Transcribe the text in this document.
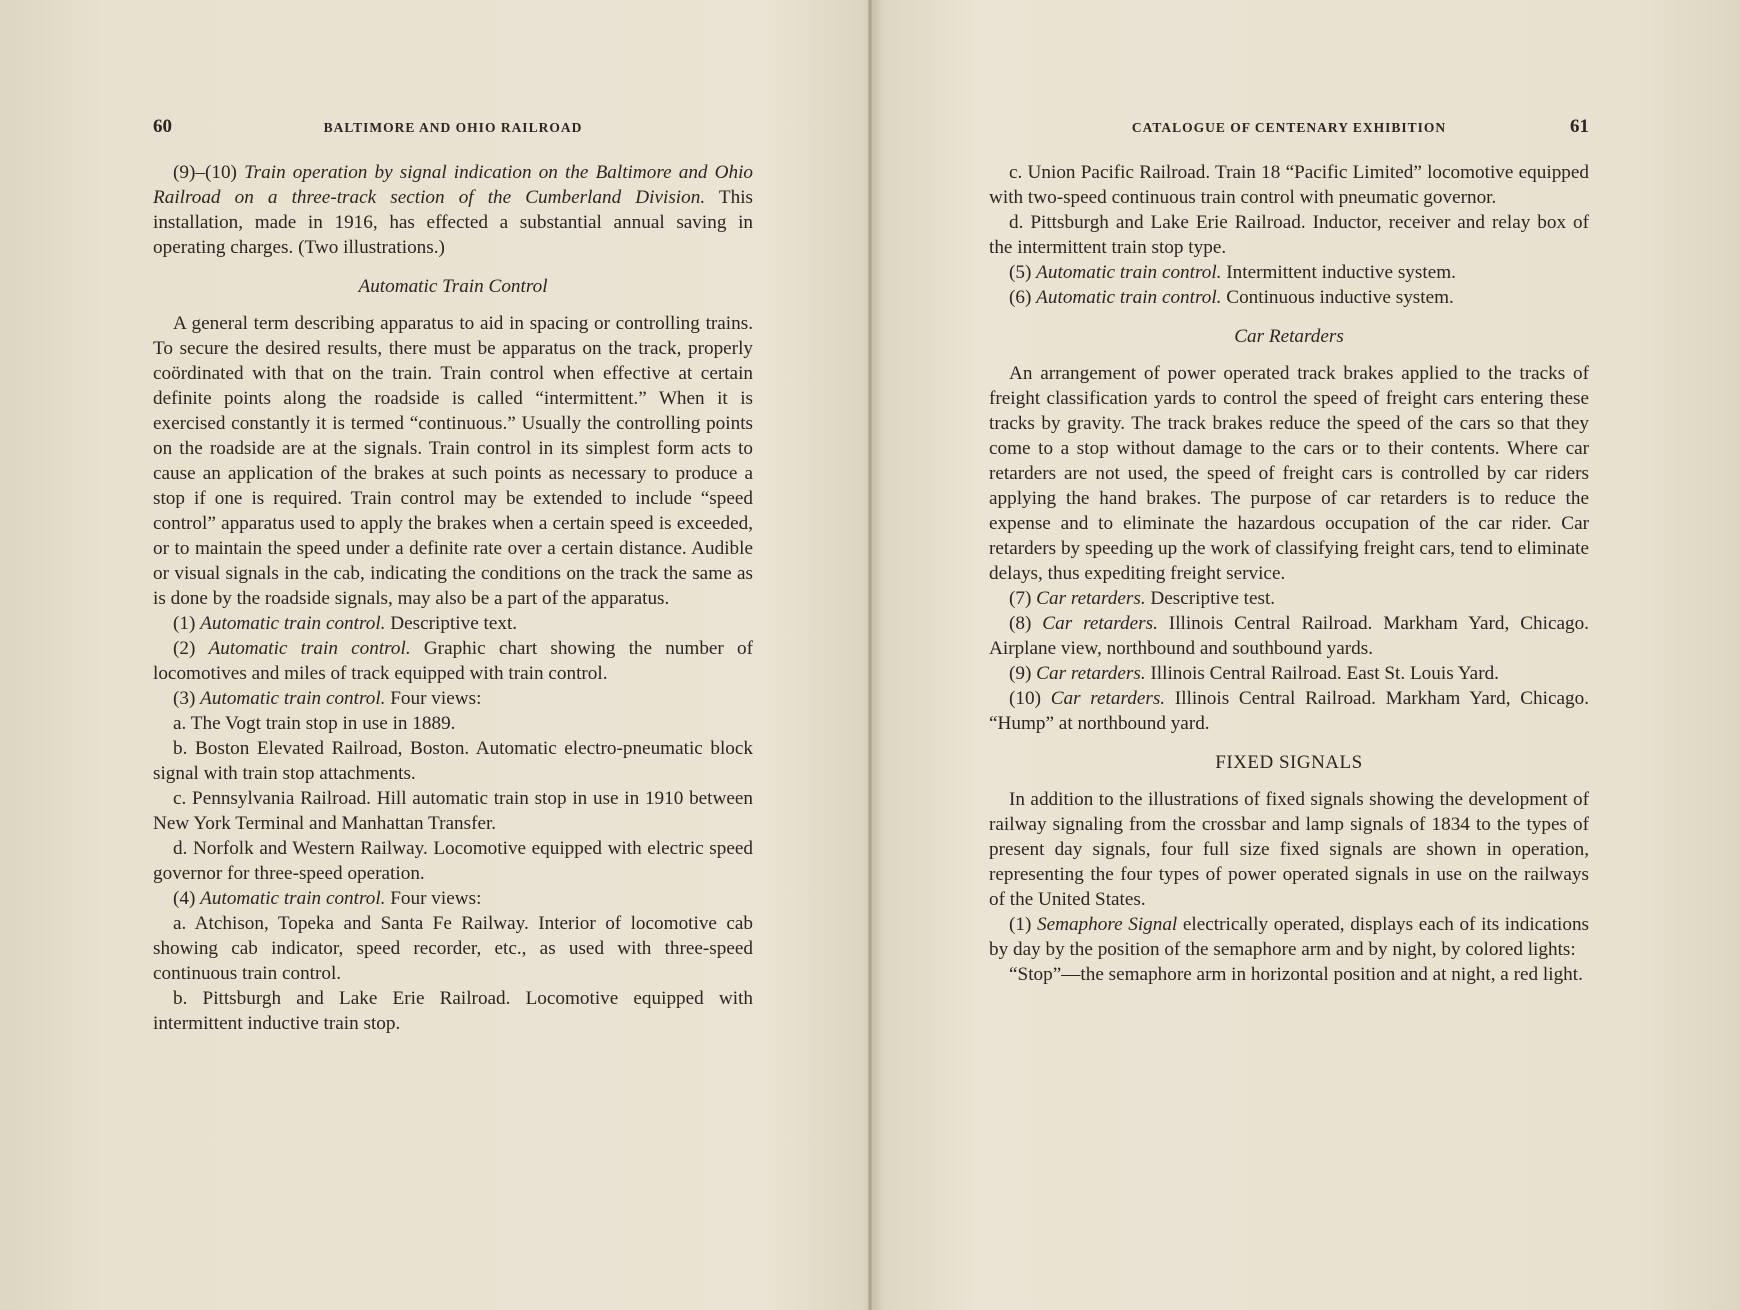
60	BALTIMORE AND OHIO RAILROAD

(9)–(10) Train operation by signal indication on the Baltimore and Ohio Railroad on a three-track section of the Cumberland Division. This installation, made in 1916, has effected a substantial annual saving in operating charges. (Two illustrations.)

Automatic Train Control

A general term describing apparatus to aid in spacing or controlling trains. To secure the desired results, there must be apparatus on the track, properly coördinated with that on the train. Train control when effective at certain definite points along the roadside is called “intermittent.” When it is exercised constantly it is termed “continuous.” Usually the controlling points on the roadside are at the signals. Train control in its simplest form acts to cause an application of the brakes at such points as necessary to produce a stop if one is required. Train control may be extended to include “speed control” apparatus used to apply the brakes when a certain speed is exceeded, or to maintain the speed under a definite rate over a certain distance. Audible or visual signals in the cab, indicating the conditions on the track the same as is done by the roadside signals, may also be a part of the apparatus.

(1) Automatic train control. Descriptive text.

(2) Automatic train control. Graphic chart showing the number of locomotives and miles of track equipped with train control.

(3) Automatic train control. Four views:

a. The Vogt train stop in use in 1889.

b. Boston Elevated Railroad, Boston. Automatic electro-pneumatic block signal with train stop attachments.

c. Pennsylvania Railroad. Hill automatic train stop in use in 1910 between New York Terminal and Manhattan Transfer.

d. Norfolk and Western Railway. Locomotive equipped with electric speed governor for three-speed operation.

(4) Automatic train control. Four views:

a. Atchison, Topeka and Santa Fe Railway. Interior of locomotive cab showing cab indicator, speed recorder, etc., as used with three-speed continuous train control.

b. Pittsburgh and Lake Erie Railroad. Locomotive equipped with intermittent inductive train stop.

CATALOGUE OF CENTENARY EXHIBITION	61

c. Union Pacific Railroad. Train 18 “Pacific Limited” locomotive equipped with two-speed continuous train control with pneumatic governor.

d. Pittsburgh and Lake Erie Railroad. Inductor, receiver and relay box of the intermittent train stop type.

(5) Automatic train control. Intermittent inductive system.

(6) Automatic train control. Continuous inductive system.

Car Retarders

An arrangement of power operated track brakes applied to the tracks of freight classification yards to control the speed of freight cars entering these tracks by gravity. The track brakes reduce the speed of the cars so that they come to a stop without damage to the cars or to their contents. Where car retarders are not used, the speed of freight cars is controlled by car riders applying the hand brakes. The purpose of car retarders is to reduce the expense and to eliminate the hazardous occupation of the car rider. Car retarders by speeding up the work of classifying freight cars, tend to eliminate delays, thus expediting freight service.

(7) Car retarders. Descriptive test.

(8) Car retarders. Illinois Central Railroad. Markham Yard, Chicago. Airplane view, northbound and southbound yards.

(9) Car retarders. Illinois Central Railroad. East St. Louis Yard.

(10) Car retarders. Illinois Central Railroad. Markham Yard, Chicago. “Hump” at northbound yard.

FIXED SIGNALS

In addition to the illustrations of fixed signals showing the development of railway signaling from the crossbar and lamp signals of 1834 to the types of present day signals, four full size fixed signals are shown in operation, representing the four types of power operated signals in use on the railways of the United States.

(1) Semaphore Signal electrically operated, displays each of its indications by day by the position of the semaphore arm and by night, by colored lights:

“Stop”—the semaphore arm in horizontal position and at night, a red light.
